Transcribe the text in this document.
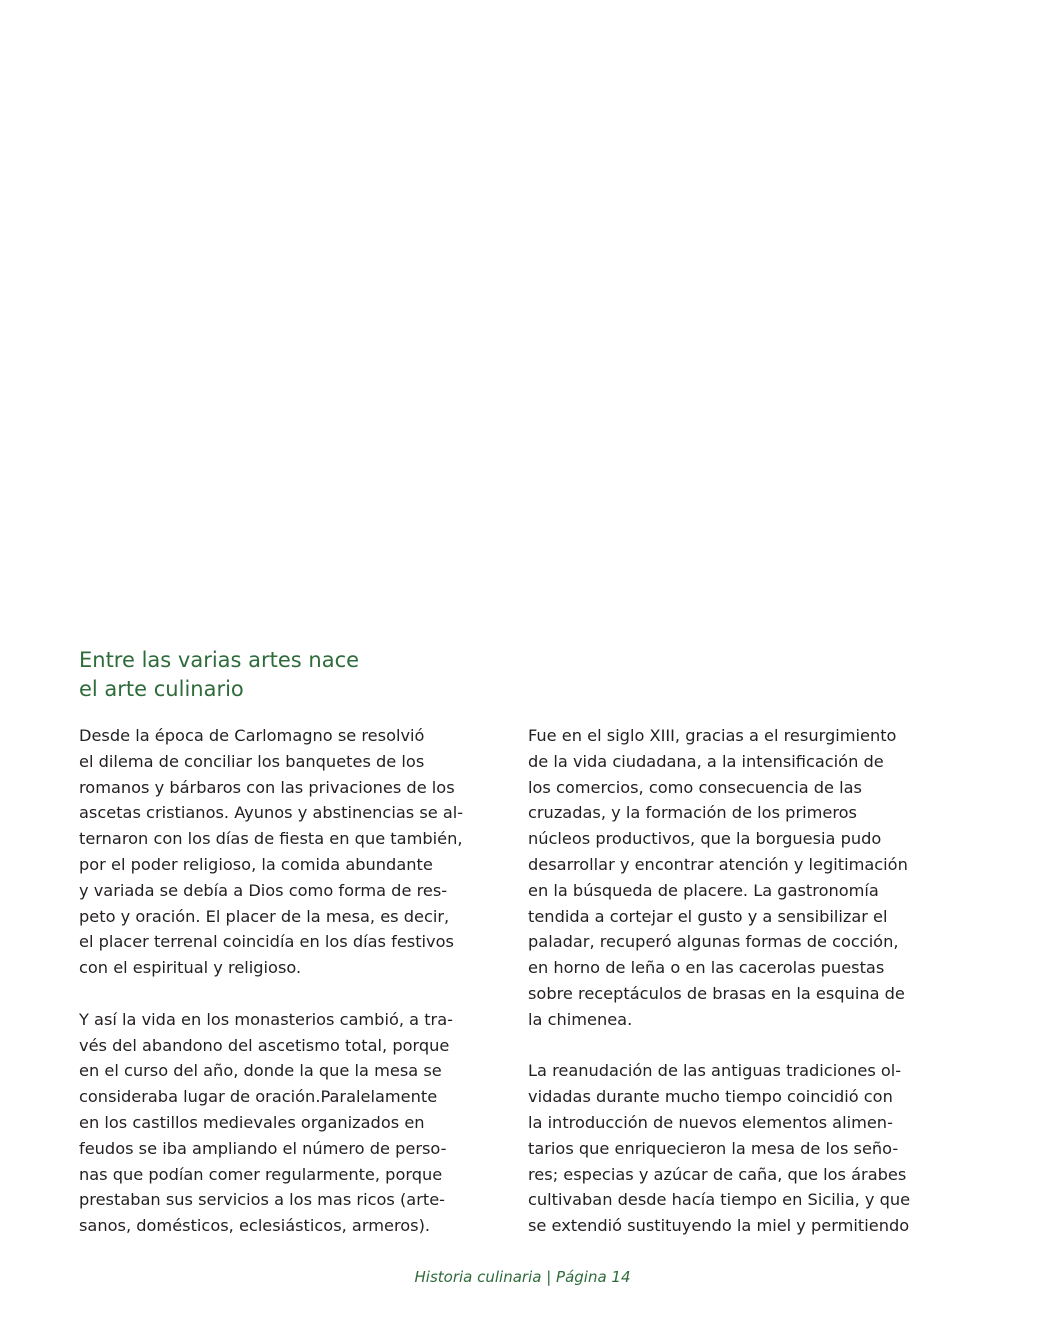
Entre las varias artes nace
el arte culinario

Desde la época de Carlomagno se resolvió
el dilema de conciliar los banquetes de los
romanos y bárbaros con las privaciones de los
ascetas cristianos. Ayunos y abstinencias se al-
ternaron con los días de fiesta en que también,
por el poder religioso, la comida abundante
y variada se debía a Dios como forma de res-
peto y oración. El placer de la mesa, es decir,
el placer terrenal coincidía en los días festivos
con el espiritual y religioso.

Y así la vida en los monasterios cambió, a tra-
vés del abandono del ascetismo total, porque
en el curso del año, donde la que la mesa se
consideraba lugar de oración.Paralelamente
en los castillos medievales organizados en
feudos se iba ampliando el número de perso-
nas que podían comer regularmente, porque
prestaban sus servicios a los mas ricos (arte-
sanos, domésticos, eclesiásticos, armeros).

Fue en el siglo XIII, gracias a el resurgimiento
de la vida ciudadana, a la intensificación de
los comercios, como consecuencia de las
cruzadas, y la formación de los primeros
núcleos productivos, que la borguesia pudo
desarrollar y encontrar atención y legitimación
en la búsqueda de placere. La gastronomía
tendida a cortejar el gusto y a sensibilizar el
paladar, recuperó algunas formas de cocción,
en horno de leña o en las cacerolas puestas
sobre receptáculos de brasas en la esquina de
la chimenea.

La reanudación de las antiguas tradiciones ol-
vidadas durante mucho tiempo coincidió con
la introducción de nuevos elementos alimen-
tarios que enriquecieron la mesa de los seño-
res; especias y azúcar de caña, que los árabes
cultivaban desde hacía tiempo en Sicilia, y que
se extendió sustituyendo la miel y permitiendo

Historia culinaria | Página 14
